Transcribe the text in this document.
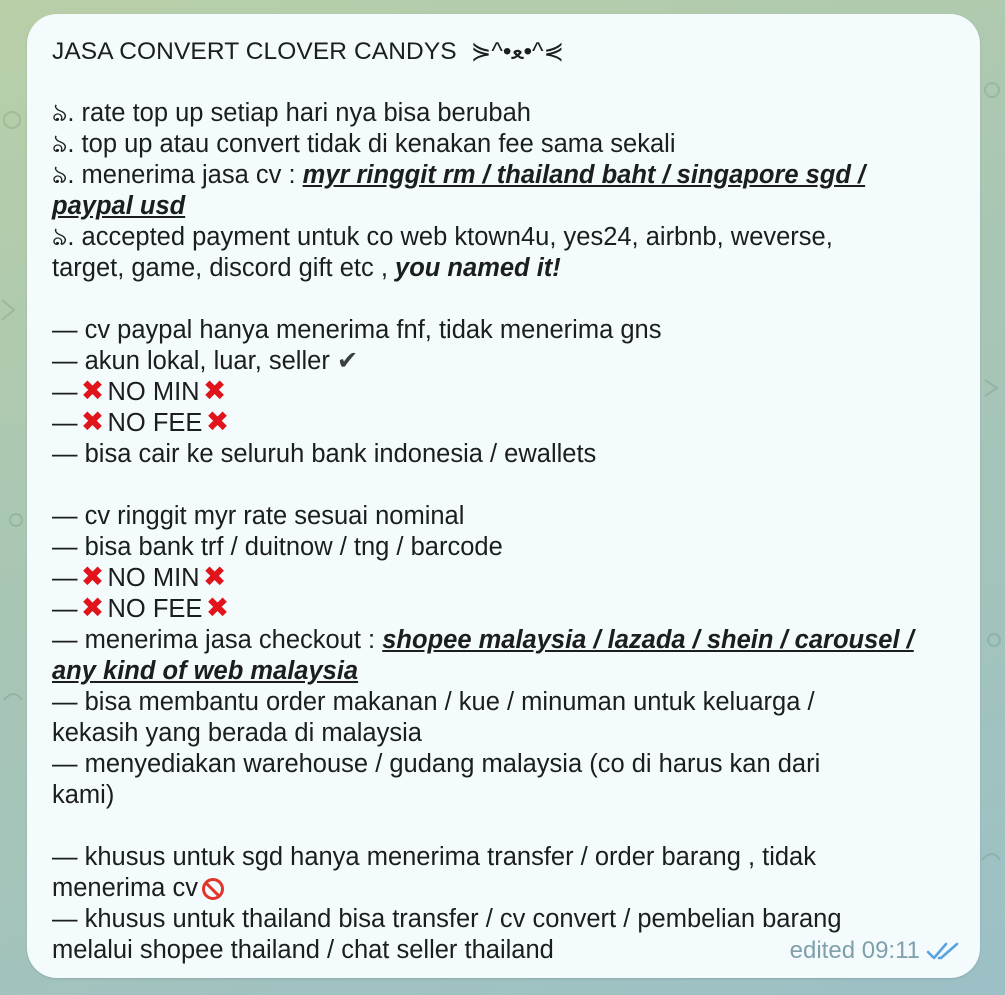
JASA CONVERT CLOVER CANDYS ⋟^•ﻌ•^⋞
ঌ. rate top up setiap hari nya bisa berubah
ঌ. top up atau convert tidak di kenakan fee sama sekali
ঌ. menerima jasa cv : myr ringgit rm / thailand baht / singapore sgd /
paypal usd
ঌ. accepted payment untuk co web ktown4u, yes24, airbnb, weverse,
target, game, discord gift etc , you named it!
— cv paypal hanya menerima fnf, tidak menerima gns
— akun lokal, luar, seller ✔
— ✖ NO MIN ✖
— ✖ NO FEE ✖
— bisa cair ke seluruh bank indonesia / ewallets
— cv ringgit myr rate sesuai nominal
— bisa bank trf / duitnow / tng / barcode
— ✖ NO MIN ✖
— ✖ NO FEE ✖
— menerima jasa checkout : shopee malaysia / lazada / shein / carousel /
any kind of web malaysia
— bisa membantu order makanan / kue / minuman untuk keluarga /
kekasih yang berada di malaysia
— menyediakan warehouse / gudang malaysia (co di harus kan dari
kami)
— khusus untuk sgd hanya menerima transfer / order barang , tidak
menerima cv
— khusus untuk thailand bisa transfer / cv convert / pembelian barang
melalui shopee thailand / chat seller thailand	edited 09:11
